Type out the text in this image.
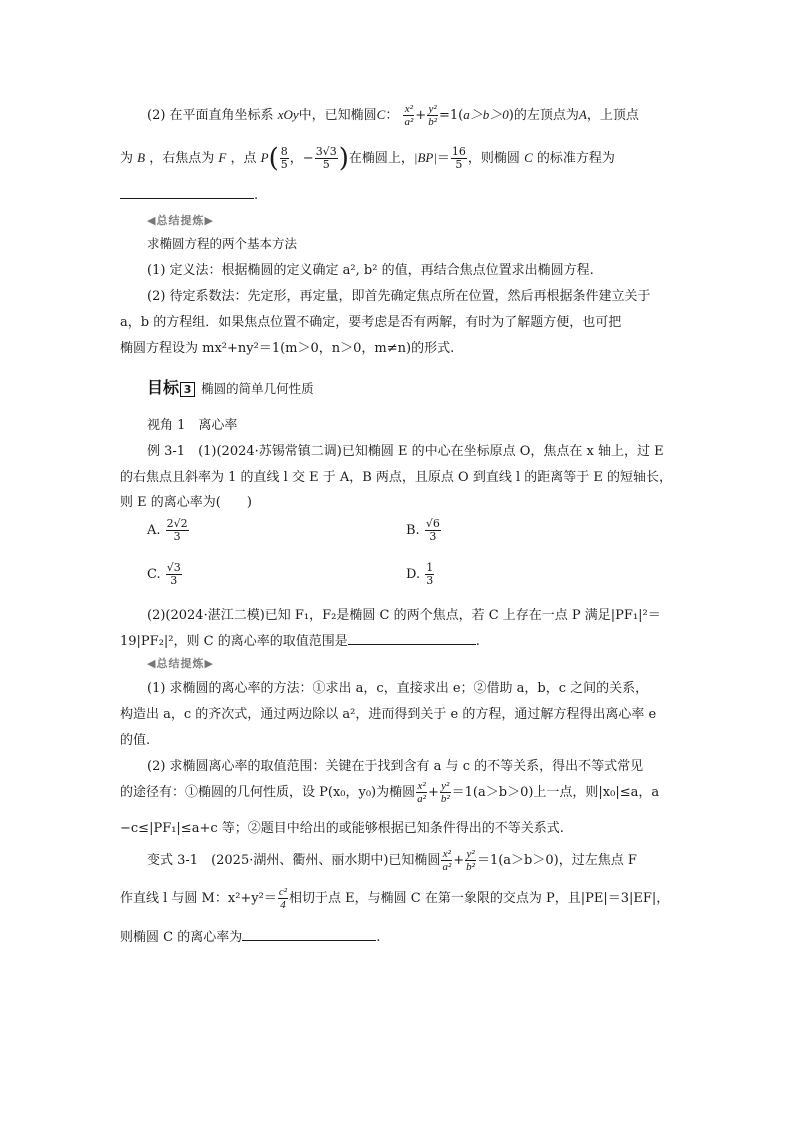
(2) 在平面直角坐标系 xOy中，已知椭圆C： $\frac{\text{x²}}{\text{a²}} + \frac{\text{y²}}{\text{b²}} =1(a>b>0)$的左顶点为A，上顶点
为 B ，右焦点为 F ，点 $P( \frac{8}{5}$ ，− $\frac{3√3}{5}$ )在椭圆上，$|BP|= \frac{16}{5}$ ，则椭圆 C 的标准方程为
.
◀总结提炼▶
求椭圆方程的两个基本方法
(1) 定义法：根据椭圆的定义确定 a², b² 的值，再结合焦点位置求出椭圆方程.
(2) 待定系数法：先定形，再定量，即首先确定焦点所在位置，然后再根据条件建立关于
a，b 的方程组．如果焦点位置不确定，要考虑是否有两解，有时为了解题方便，也可把
椭圆方程设为 mx²+ny²＝1(m＞0，n＞0，m≠n)的形式.
目标 3 椭圆的简单几何性质
视角 1　离心率
例 3-1　(1)(2024·苏锡常镇二调)已知椭圆 E 的中心在坐标原点 O，焦点在 x 轴上，过 E
的右焦点且斜率为 1 的直线 l 交 E 于 A，B 两点，且原点 O 到直线 l 的距离等于 E 的短轴长，
则 E 的离心率为(　　)
A. $\frac{2√2}{3}$	B. $\frac{√6}{3}$
C. $\frac{√3}{3}$	D. $\frac{1}{3}$
(2)(2024·湛江二模)已知 F₁，F₂是椭圆 C 的两个焦点，若 C 上存在一点 P 满足|PF₁|²＝
19|PF₂|²，则 C 的离心率的取值范围是	.
◀总结提炼▶
(1) 求椭圆的离心率的方法：①求出 a，c，直接求出 e；②借助 a，b，c 之间的关系，
构造出 a，c 的齐次式，通过两边除以 a²，进而得到关于 e 的方程，通过解方程得出离心率 e
的值.
(2) 求椭圆离心率的取值范围：关键在于找到含有 a 与 c 的不等关系，得出不等式常见
的途径有：①椭圆的几何性质，设 P(x₀，y₀)为椭圆 $\frac{\text{x²}}{\text{a²}} + \frac{\text{y²}}{\text{b²}} =1(a>b>0)$上一点，则|x₀|≤a，a
−c≤|PF₁|≤a+c 等；②题目中给出的或能够根据已知条件得出的不等关系式.
变式 3-1　(2025·湖州、衢州、丽水期中)已知椭圆 $\frac{\text{x²}}{\text{a²}} + \frac{\text{y²}}{\text{b²}} =1(a>b>0)$，过左焦点 F
作直线 l 与圆 M：$x^2+y^2= \frac{\text{c²}}{4}$ 相切于点 E，与椭圆 C 在第一象限的交点为 P，且|PE|＝3|EF|，
则椭圆 C 的离心率为	.
